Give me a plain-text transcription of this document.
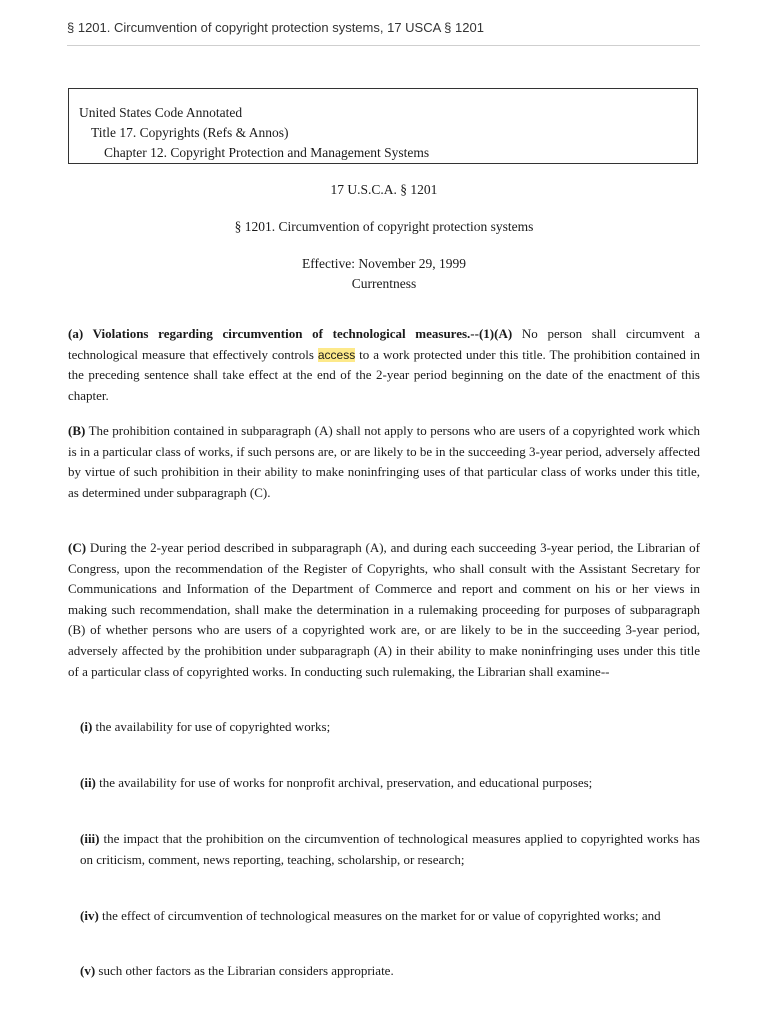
§ 1201. Circumvention of copyright protection systems, 17 USCA § 1201
United States Code Annotated
Title 17. Copyrights (Refs & Annos)
Chapter 12. Copyright Protection and Management Systems
17 U.S.C.A. § 1201
§ 1201. Circumvention of copyright protection systems
Effective: November 29, 1999
Currentness
(a) Violations regarding circumvention of technological measures.--(1)(A) No person shall circumvent a technological measure that effectively controls access to a work protected under this title. The prohibition contained in the preceding sentence shall take effect at the end of the 2-year period beginning on the date of the enactment of this chapter.
(B) The prohibition contained in subparagraph (A) shall not apply to persons who are users of a copyrighted work which is in a particular class of works, if such persons are, or are likely to be in the succeeding 3-year period, adversely affected by virtue of such prohibition in their ability to make noninfringing uses of that particular class of works under this title, as determined under subparagraph (C).
(C) During the 2-year period described in subparagraph (A), and during each succeeding 3-year period, the Librarian of Congress, upon the recommendation of the Register of Copyrights, who shall consult with the Assistant Secretary for Communications and Information of the Department of Commerce and report and comment on his or her views in making such recommendation, shall make the determination in a rulemaking proceeding for purposes of subparagraph (B) of whether persons who are users of a copyrighted work are, or are likely to be in the succeeding 3-year period, adversely affected by the prohibition under subparagraph (A) in their ability to make noninfringing uses under this title of a particular class of copyrighted works. In conducting such rulemaking, the Librarian shall examine--
(i) the availability for use of copyrighted works;
(ii) the availability for use of works for nonprofit archival, preservation, and educational purposes;
(iii) the impact that the prohibition on the circumvention of technological measures applied to copyrighted works has on criticism, comment, news reporting, teaching, scholarship, or research;
(iv) the effect of circumvention of technological measures on the market for or value of copyrighted works; and
(v) such other factors as the Librarian considers appropriate.
